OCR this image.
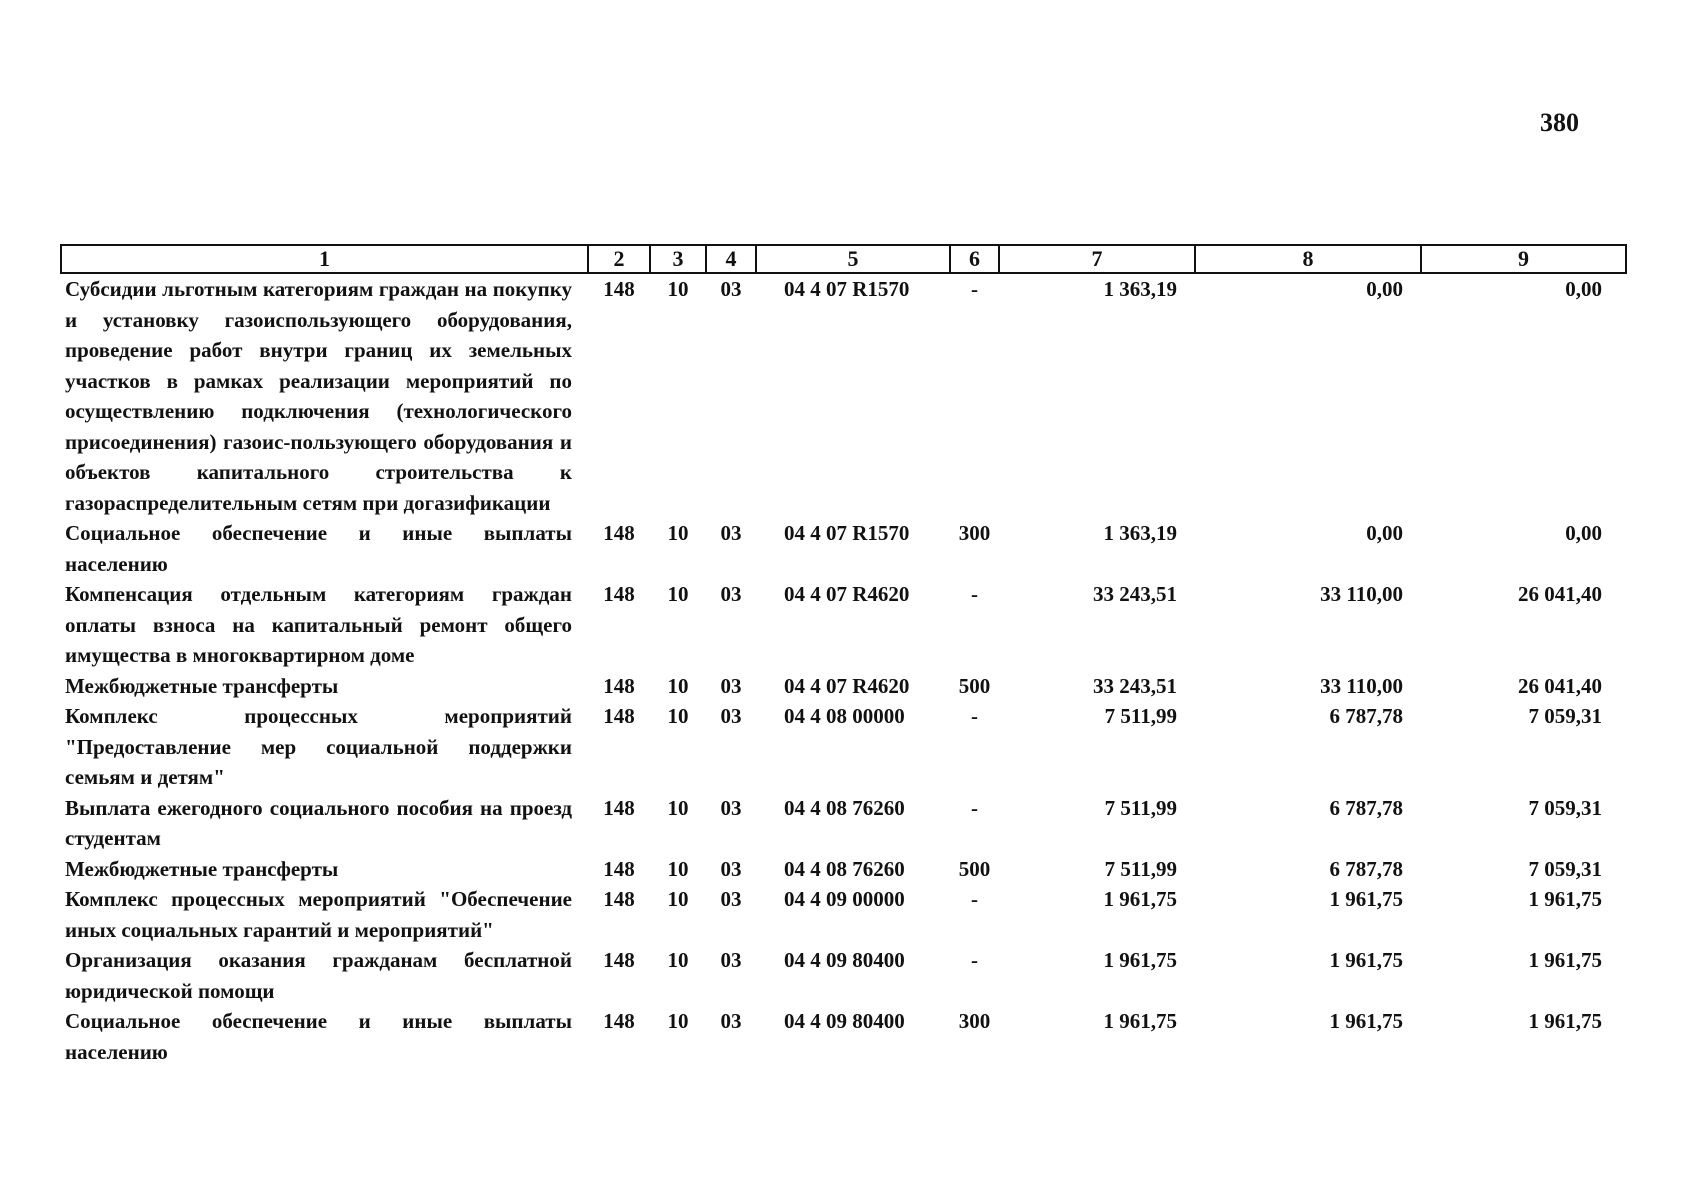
380
1	2	3	4	5	6	7	8	9
Субсидии льготным категориям граждан на покупку и установку газоиспользующего оборудования, проведение работ внутри границ их земельных участков в рамках реализации мероприятий по осуществлению подключения (технологического присоединения) газоис-пользующего оборудования и объектов капитального строительства к газораспределительным сетям при догазификации	148	10	03	04 4 07 R1570	-	1 363,19	0,00	0,00
Социальное обеспечение и иные выплаты населению	148	10	03	04 4 07 R1570	300	1 363,19	0,00	0,00
Компенсация отдельным категориям граждан оплаты взноса на капитальный ремонт общего имущества в многоквартирном доме	148	10	03	04 4 07 R4620	-	33 243,51	33 110,00	26 041,40
Межбюджетные трансферты	148	10	03	04 4 07 R4620	500	33 243,51	33 110,00	26 041,40
Комплекс процессных мероприятий "Предоставление мер социальной поддержки семьям и детям"	148	10	03	04 4 08 00000	-	7 511,99	6 787,78	7 059,31
Выплата ежегодного социального пособия на проезд студентам	148	10	03	04 4 08 76260	-	7 511,99	6 787,78	7 059,31
Межбюджетные трансферты	148	10	03	04 4 08 76260	500	7 511,99	6 787,78	7 059,31
Комплекс процессных мероприятий "Обеспечение иных социальных гарантий и мероприятий"	148	10	03	04 4 09 00000	-	1 961,75	1 961,75	1 961,75
Организация оказания гражданам бесплатной юридической помощи	148	10	03	04 4 09 80400	-	1 961,75	1 961,75	1 961,75
Социальное обеспечение и иные выплаты населению	148	10	03	04 4 09 80400	300	1 961,75	1 961,75	1 961,75
